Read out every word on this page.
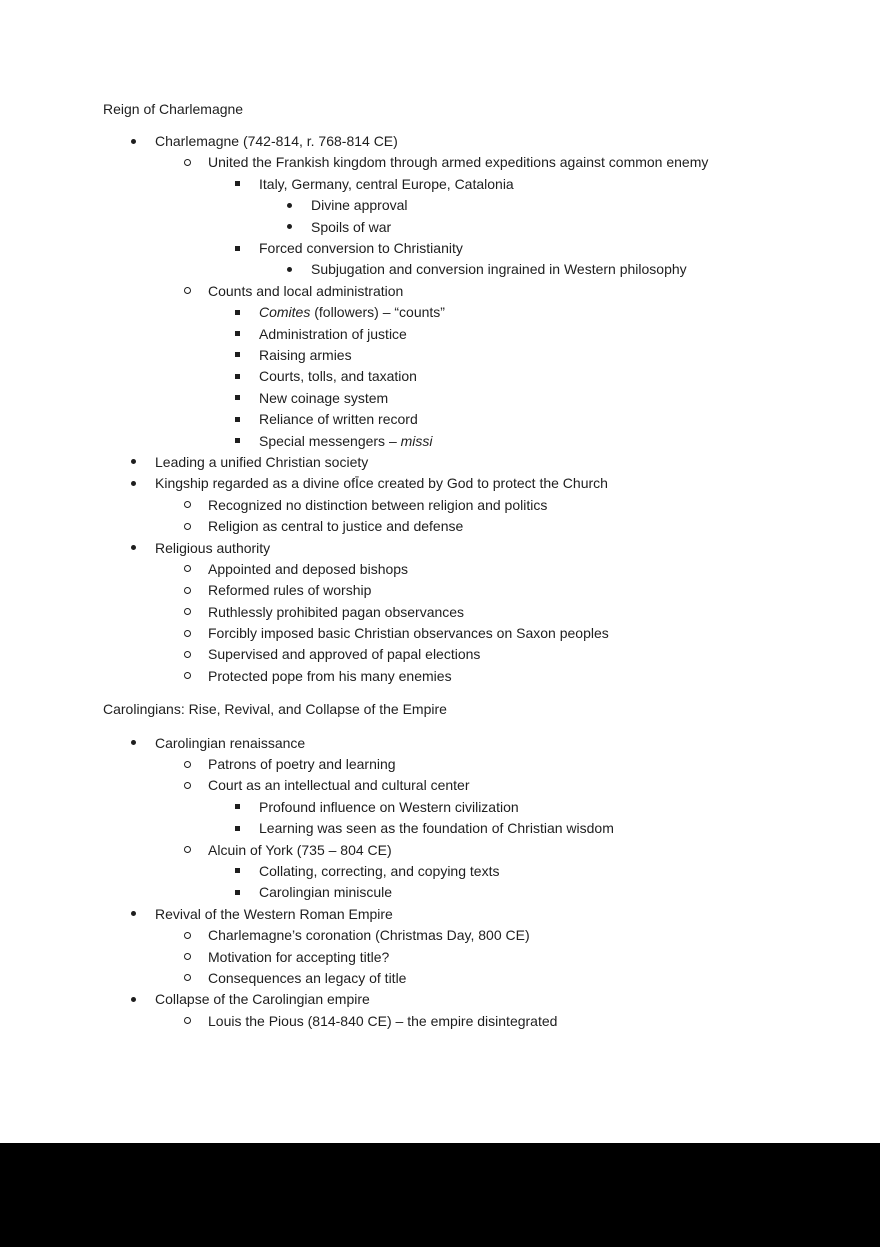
Reign of Charlemagne
Charlemagne (742-814, r. 768-814 CE)
United the Frankish kingdom through armed expeditions against common enemy
Italy, Germany, central Europe, Catalonia
Divine approval
Spoils of war
Forced conversion to Christianity
Subjugation and conversion ingrained in Western philosophy
Counts and local administration
Comites (followers) – “counts”
Administration of justice
Raising armies
Courts, tolls, and taxation
New coinage system
Reliance of written record
Special messengers – missi
Leading a unified Christian society
Kingship regarded as a divine ofĪce created by God to protect the Church
Recognized no distinction between religion and politics
Religion as central to justice and defense
Religious authority
Appointed and deposed bishops
Reformed rules of worship
Ruthlessly prohibited pagan observances
Forcibly imposed basic Christian observances on Saxon peoples
Supervised and approved of papal elections
Protected pope from his many enemies
Carolingians: Rise, Revival, and Collapse of the Empire
Carolingian renaissance
Patrons of poetry and learning
Court as an intellectual and cultural center
Profound influence on Western civilization
Learning was seen as the foundation of Christian wisdom
Alcuin of York (735 – 804 CE)
Collating, correcting, and copying texts
Carolingian miniscule
Revival of the Western Roman Empire
Charlemagne’s coronation (Christmas Day, 800 CE)
Motivation for accepting title?
Consequences an legacy of title
Collapse of the Carolingian empire
Louis the Pious (814-840 CE) – the empire disintegrated
